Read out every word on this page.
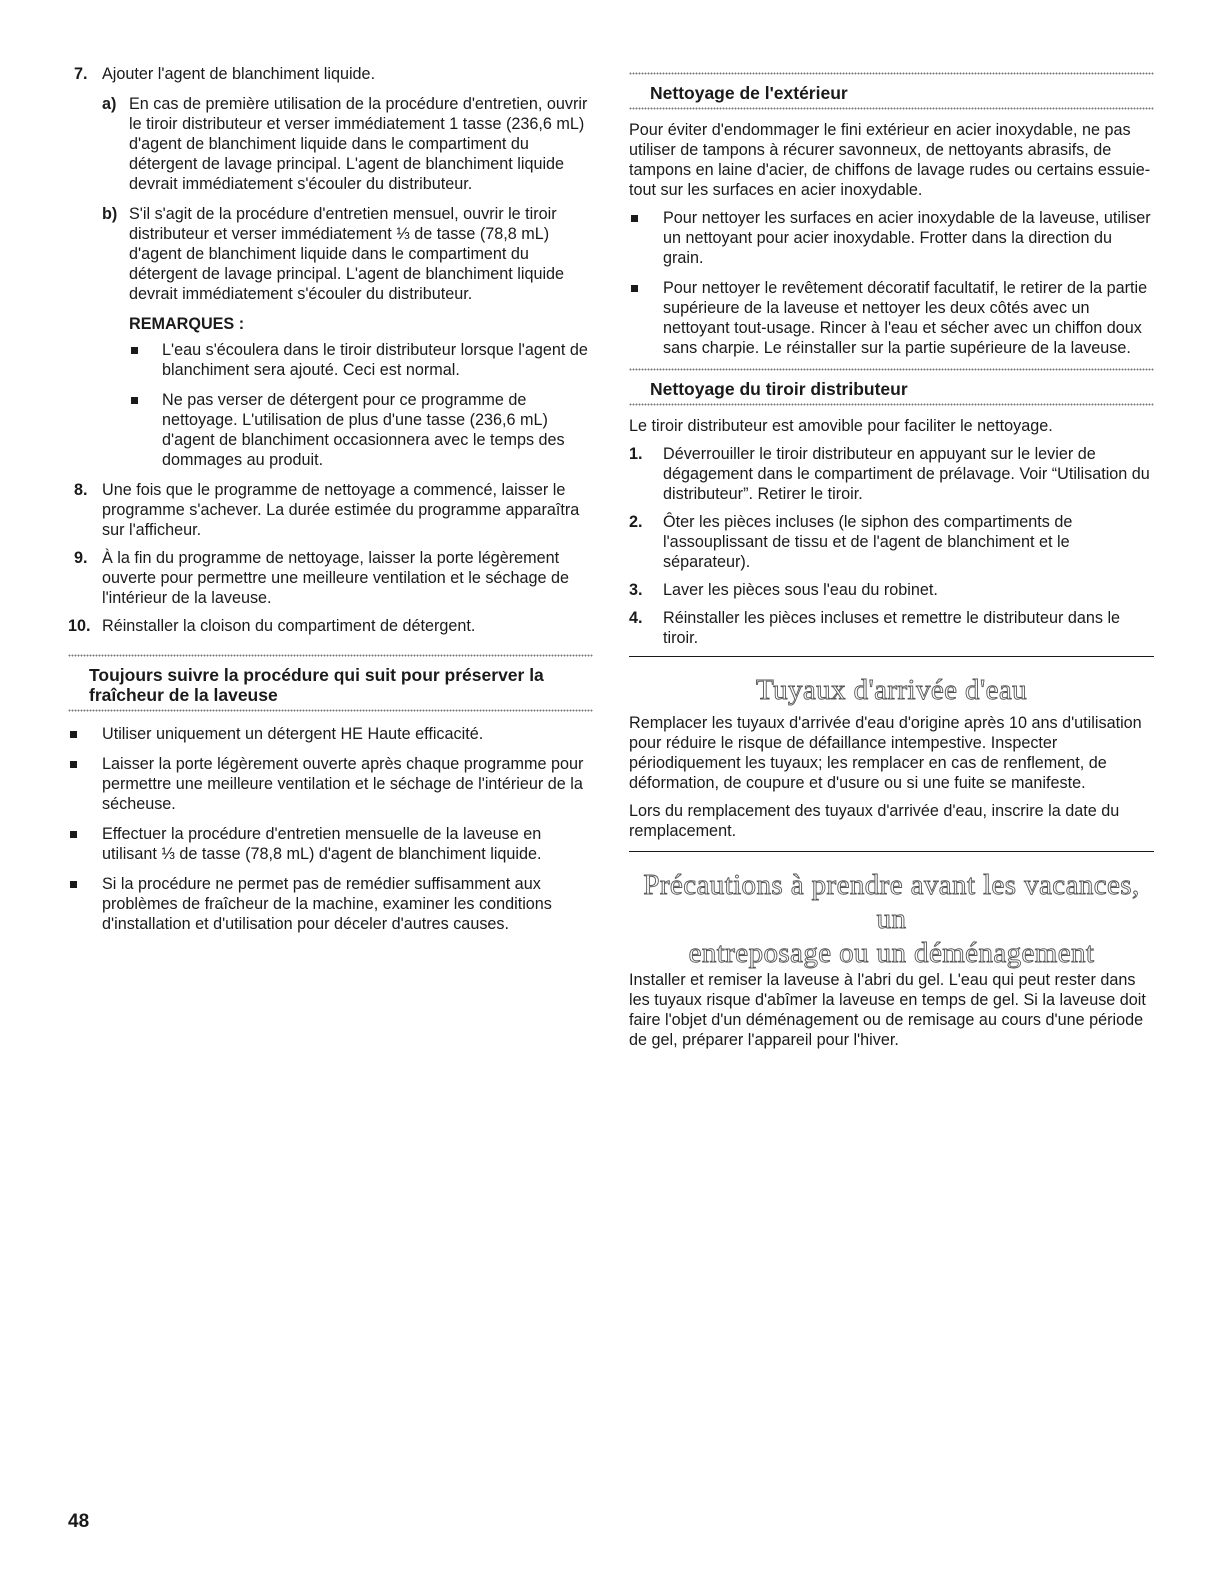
7. Ajouter l'agent de blanchiment liquide.
a) En cas de première utilisation de la procédure d'entretien, ouvrir le tiroir distributeur et verser immédiatement 1 tasse (236,6 mL) d'agent de blanchiment liquide dans le compartiment du détergent de lavage principal. L'agent de blanchiment liquide devrait immédiatement s'écouler du distributeur.
b) S'il s'agit de la procédure d'entretien mensuel, ouvrir le tiroir distributeur et verser immédiatement ⅓ de tasse (78,8 mL) d'agent de blanchiment liquide dans le compartiment du détergent de lavage principal. L'agent de blanchiment liquide devrait immédiatement s'écouler du distributeur.
REMARQUES :
L'eau s'écoulera dans le tiroir distributeur lorsque l'agent de blanchiment sera ajouté. Ceci est normal.
Ne pas verser de détergent pour ce programme de nettoyage. L'utilisation de plus d'une tasse (236,6 mL) d'agent de blanchiment occasionnera avec le temps des dommages au produit.
8. Une fois que le programme de nettoyage a commencé, laisser le programme s'achever. La durée estimée du programme apparaîtra sur l'afficheur.
9. À la fin du programme de nettoyage, laisser la porte légèrement ouverte pour permettre une meilleure ventilation et le séchage de l'intérieur de la laveuse.
10. Réinstaller la cloison du compartiment de détergent.
Toujours suivre la procédure qui suit pour préserver la fraîcheur de la laveuse
Utiliser uniquement un détergent HE Haute efficacité.
Laisser la porte légèrement ouverte après chaque programme pour permettre une meilleure ventilation et le séchage de l'intérieur de la sécheuse.
Effectuer la procédure d'entretien mensuelle de la laveuse en utilisant ⅓ de tasse (78,8 mL) d'agent de blanchiment liquide.
Si la procédure ne permet pas de remédier suffisamment aux problèmes de fraîcheur de la machine, examiner les conditions d'installation et d'utilisation pour déceler d'autres causes.
Nettoyage de l'extérieur

Pour éviter d'endommager le fini extérieur en acier inoxydable, ne pas utiliser de tampons à récurer savonneux, de nettoyants abrasifs, de tampons en laine d'acier, de chiffons de lavage rudes ou certains essuie-tout sur les surfaces en acier inoxydable.

Pour nettoyer les surfaces en acier inoxydable de la laveuse, utiliser un nettoyant pour acier inoxydable. Frotter dans la direction du grain.
Pour nettoyer le revêtement décoratif facultatif, le retirer de la partie supérieure de la laveuse et nettoyer les deux côtés avec un nettoyant tout-usage. Rincer à l'eau et sécher avec un chiffon doux sans charpie. Le réinstaller sur la partie supérieure de la laveuse.
Nettoyage du tiroir distributeur

Le tiroir distributeur est amovible pour faciliter le nettoyage.

1. Déverrouiller le tiroir distributeur en appuyant sur le levier de dégagement dans le compartiment de prélavage. Voir “Utilisation du distributeur”. Retirer le tiroir.
2. Ôter les pièces incluses (le siphon des compartiments de l'assouplissant de tissu et de l'agent de blanchiment et le séparateur).
3. Laver les pièces sous l'eau du robinet.
4. Réinstaller les pièces incluses et remettre le distributeur dans le tiroir.
Tuyaux d'arrivée d'eau

Remplacer les tuyaux d'arrivée d'eau d'origine après 10 ans d'utilisation pour réduire le risque de défaillance intempestive. Inspecter périodiquement les tuyaux; les remplacer en cas de renflement, de déformation, de coupure et d'usure ou si une fuite se manifeste.

Lors du remplacement des tuyaux d'arrivée d'eau, inscrire la date du remplacement.

Précautions à prendre avant les vacances, un
entreposage ou un déménagement

Installer et remiser la laveuse à l'abri du gel. L'eau qui peut rester dans les tuyaux risque d'abîmer la laveuse en temps de gel. Si la laveuse doit faire l'objet d'un déménagement ou de remisage au cours d'une période de gel, préparer l'appareil pour l'hiver.

48
